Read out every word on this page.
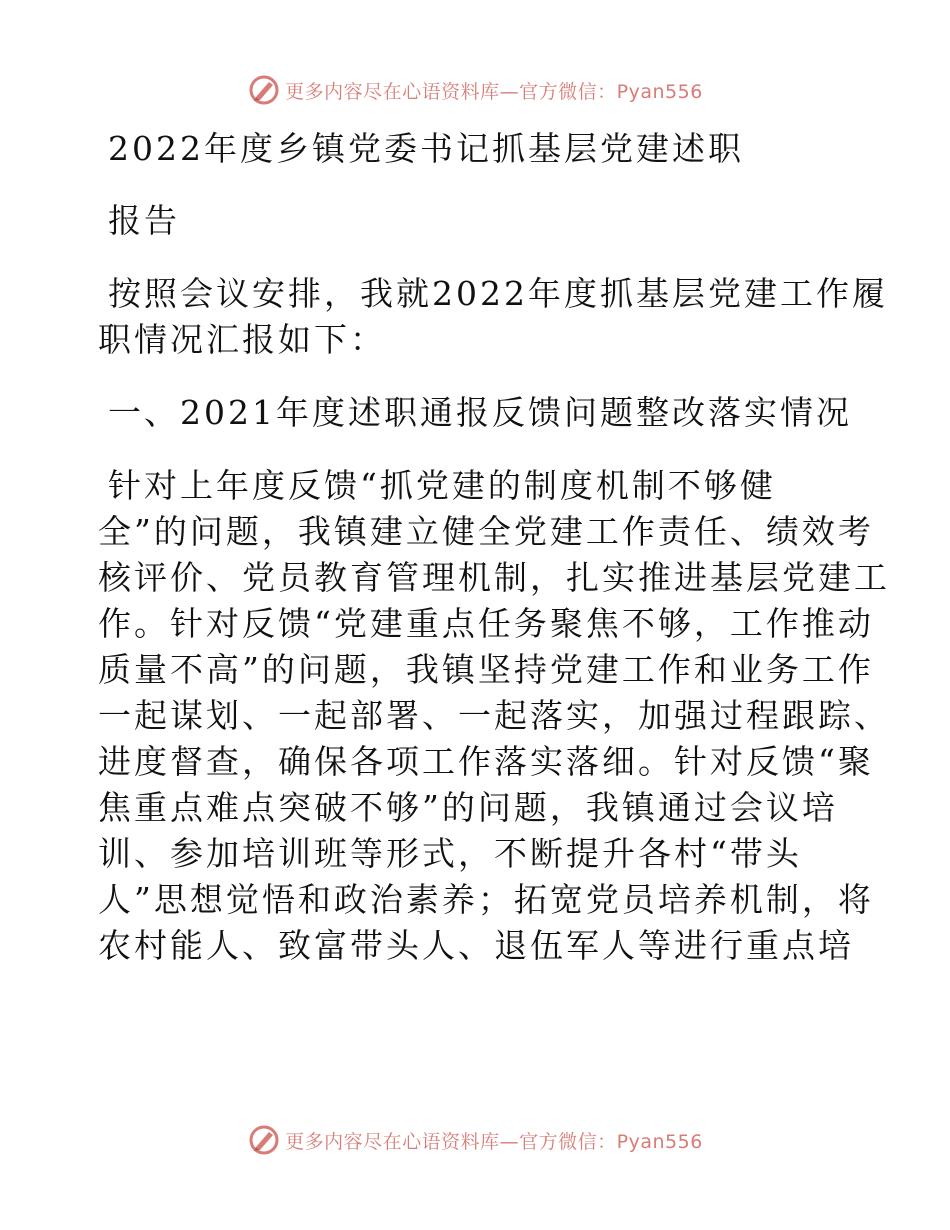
更多内容尽在心语资料库—官方微信：Pyan556

2022年度乡镇党委书记抓基层党建述职

报告

按照会议安排，我就2022年度抓基层党建工作履

职情况汇报如下：

一、2021年度述职通报反馈问题整改落实情况

针对上年度反馈“抓党建的制度机制不够健

全”的问题，我镇建立健全党建工作责任、绩效考

核评价、党员教育管理机制，扎实推进基层党建工

作。针对反馈“党建重点任务聚焦不够，工作推动

质量不高”的问题，我镇坚持党建工作和业务工作

一起谋划、一起部署、一起落实，加强过程跟踪、

进度督查，确保各项工作落实落细。针对反馈“聚

焦重点难点突破不够”的问题，我镇通过会议培

训、参加培训班等形式，不断提升各村“带头

人”思想觉悟和政治素养；拓宽党员培养机制，将

农村能人、致富带头人、退伍军人等进行重点培

更多内容尽在心语资料库—官方微信：Pyan556
